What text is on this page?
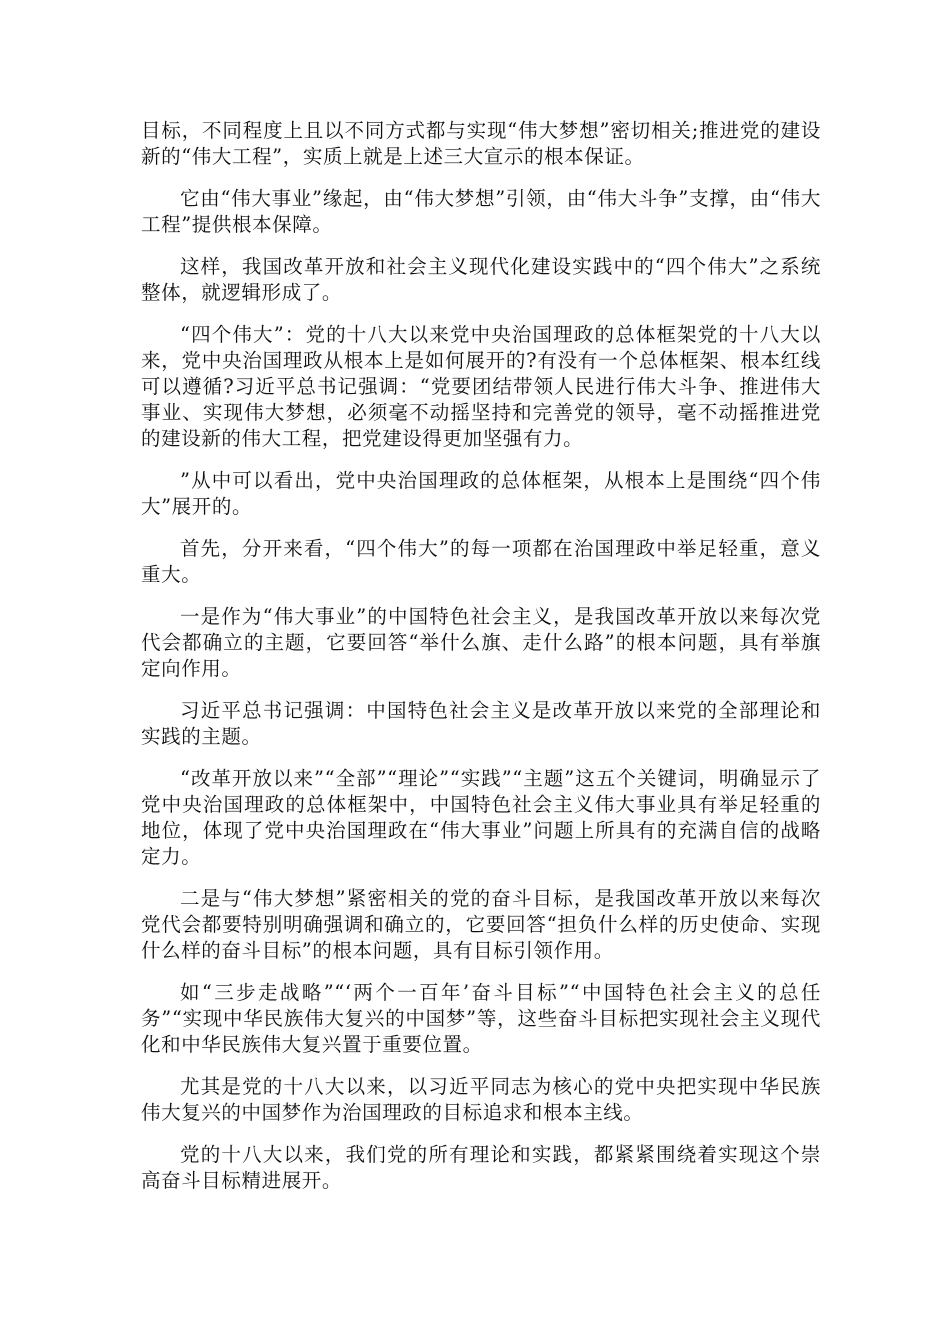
目标，不同程度上且以不同方式都与实现“伟大梦想”密切相关;推进党的建设新的“伟大工程”，实质上就是上述三大宣示的根本保证。

它由“伟大事业”缘起，由“伟大梦想”引领，由“伟大斗争”支撑，由“伟大工程”提供根本保障。

这样，我国改革开放和社会主义现代化建设实践中的“四个伟大”之系统整体，就逻辑形成了。

“四个伟大”：党的十八大以来党中央治国理政的总体框架党的十八大以来，党中央治国理政从根本上是如何展开的?有没有一个总体框架、根本红线可以遵循?习近平总书记强调：“党要团结带领人民进行伟大斗争、推进伟大事业、实现伟大梦想，必须毫不动摇坚持和完善党的领导，毫不动摇推进党的建设新的伟大工程，把党建设得更加坚强有力。

”从中可以看出，党中央治国理政的总体框架，从根本上是围绕“四个伟大”展开的。

首先，分开来看，“四个伟大”的每一项都在治国理政中举足轻重，意义重大。

一是作为“伟大事业”的中国特色社会主义，是我国改革开放以来每次党代会都确立的主题，它要回答“举什么旗、走什么路”的根本问题，具有举旗定向作用。

习近平总书记强调：中国特色社会主义是改革开放以来党的全部理论和实践的主题。

“改革开放以来”“全部”“理论”“实践”“主题”这五个关键词，明确显示了党中央治国理政的总体框架中，中国特色社会主义伟大事业具有举足轻重的地位，体现了党中央治国理政在“伟大事业”问题上所具有的充满自信的战略定力。

二是与“伟大梦想”紧密相关的党的奋斗目标，是我国改革开放以来每次党代会都要特别明确强调和确立的，它要回答“担负什么样的历史使命、实现什么样的奋斗目标”的根本问题，具有目标引领作用。

如“三步走战略”“‘两个一百年’奋斗目标”“中国特色社会主义的总任务”“实现中华民族伟大复兴的中国梦”等，这些奋斗目标把实现社会主义现代化和中华民族伟大复兴置于重要位置。

尤其是党的十八大以来，以习近平同志为核心的党中央把实现中华民族伟大复兴的中国梦作为治国理政的目标追求和根本主线。

党的十八大以来，我们党的所有理论和实践，都紧紧围绕着实现这个崇高奋斗目标精进展开。
